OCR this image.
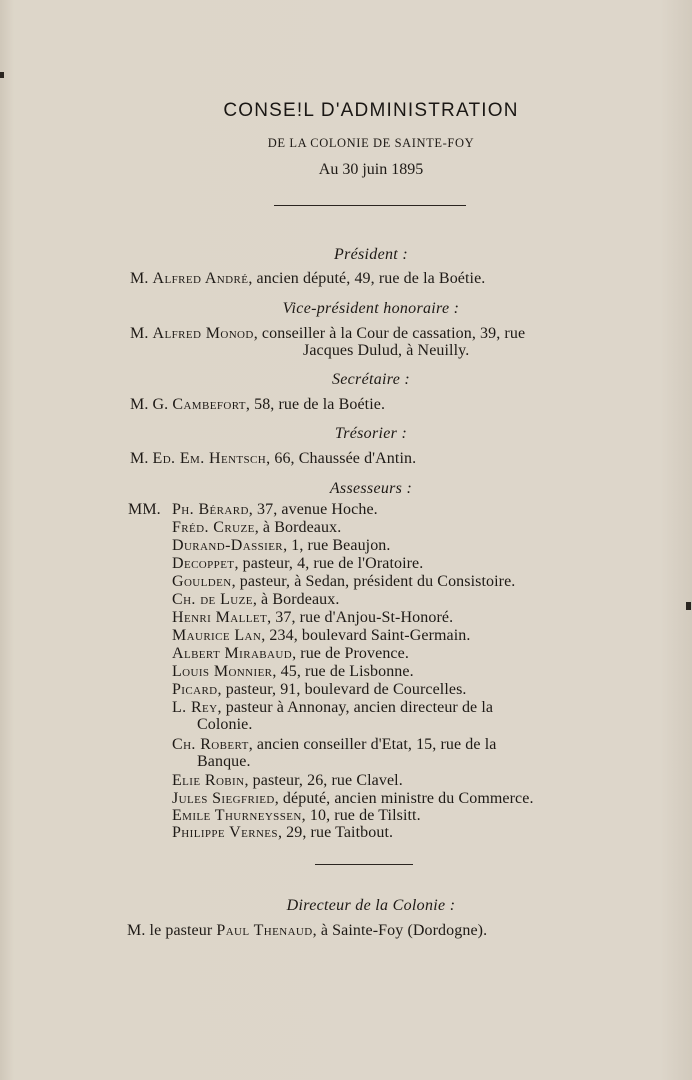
CONSE!L D'ADMINISTRATION
DE LA COLONIE DE SAINTE-FOY
Au 30 juin 1895
Président :
M. Alfred André, ancien député, 49, rue de la Boétie.
Vice-président honoraire :
M. Alfred Monod, conseiller à la Cour de cassation, 39, rue
Jacques Dulud, à Neuilly.
Secrétaire :
M. G. Cambefort, 58, rue de la Boétie.
Trésorier :
M. Ed. Em. Hentsch, 66, Chaussée d'Antin.
Assesseurs :
MM. Ph. Bérard, 37, avenue Hoche.
Fréd. Cruze, à Bordeaux.
Durand-Dassier, 1, rue Beaujon.
Decoppet, pasteur, 4, rue de l'Oratoire.
Goulden, pasteur, à Sedan, président du Consistoire.
Ch. de Luze, à Bordeaux.
Henri Mallet, 37, rue d'Anjou-St-Honoré.
Maurice Lan, 234, boulevard Saint-Germain.
Albert Mirabaud, rue de Provence.
Louis Monnier, 45, rue de Lisbonne.
Picard, pasteur, 91, boulevard de Courcelles.
L. Rey, pasteur à Annonay, ancien directeur de la
Colonie.
Ch. Robert, ancien conseiller d'Etat, 15, rue de la
Banque.
Elie Robin, pasteur, 26, rue Clavel.
Jules Siegfried, député, ancien ministre du Commerce.
Emile Thurneyssen, 10, rue de Tilsitt.
Philippe Vernes, 29, rue Taitbout.
Directeur de la Colonie :
M. le pasteur Paul Thenaud, à Sainte-Foy (Dordogne).
